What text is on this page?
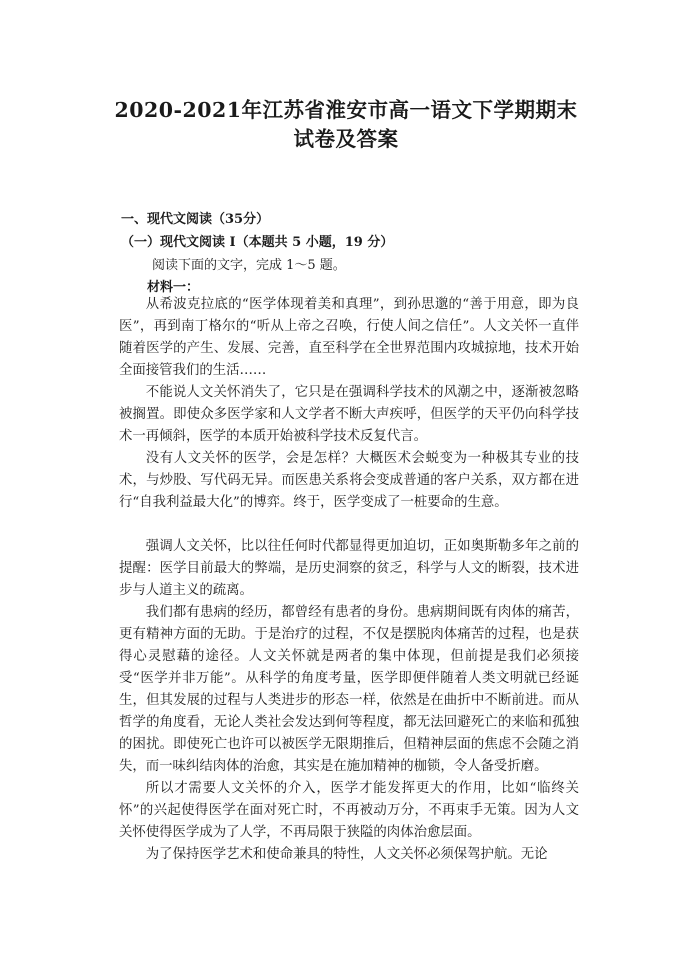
2020-2021年江苏省淮安市高一语文下学期期末
试卷及答案
一、现代文阅读（35分）
（一）现代文阅读 I（本题共 5 小题，19 分）
阅读下面的文字，完成 1～5 题。
材料一：

从希波克拉底的“医学体现着美和真理”，到孙思邈的“善于用意，即为良医”，再到南丁格尔的“听从上帝之召唤，行使人间之信任”。人文关怀一直伴随着医学的产生、发展、完善，直至科学在全世界范围内攻城掠地，技术开始全面接管我们的生活……

不能说人文关怀消失了，它只是在强调科学技术的风潮之中，逐渐被忽略被搁置。即使众多医学家和人文学者不断大声疾呼，但医学的天平仍向科学技术一再倾斜，医学的本质开始被科学技术反复代言。

没有人文关怀的医学，会是怎样？大概医术会蜕变为一种极其专业的技术，与炒股、写代码无异。而医患关系将会变成普通的客户关系，双方都在进行“自我利益最大化”的博弈。终于，医学变成了一桩要命的生意。

强调人文关怀，比以往任何时代都显得更加迫切，正如奥斯勒多年之前的提醒：医学目前最大的弊端，是历史洞察的贫乏，科学与人文的断裂，技术进步与人道主义的疏离。

我们都有患病的经历，都曾经有患者的身份。患病期间既有肉体的痛苦，更有精神方面的无助。于是治疗的过程，不仅是摆脱肉体痛苦的过程，也是获得心灵慰藉的途径。人文关怀就是两者的集中体现，但前提是我们必须接受“医学并非万能”。从科学的角度考量，医学即便伴随着人类文明就已经诞生，但其发展的过程与人类进步的形态一样，依然是在曲折中不断前进。而从哲学的角度看，无论人类社会发达到何等程度，都无法回避死亡的来临和孤独的困扰。即使死亡也许可以被医学无限期推后，但精神层面的焦虑不会随之消失，而一味纠结肉体的治愈，其实是在施加精神的枷锁，令人备受折磨。

所以才需要人文关怀的介入，医学才能发挥更大的作用，比如“临终关怀”的兴起使得医学在面对死亡时，不再被动万分，不再束手无策。因为人文关怀使得医学成为了人学，不再局限于狭隘的肉体治愈层面。

为了保持医学艺术和使命兼具的特性，人文关怀必须保驾护航。无论
